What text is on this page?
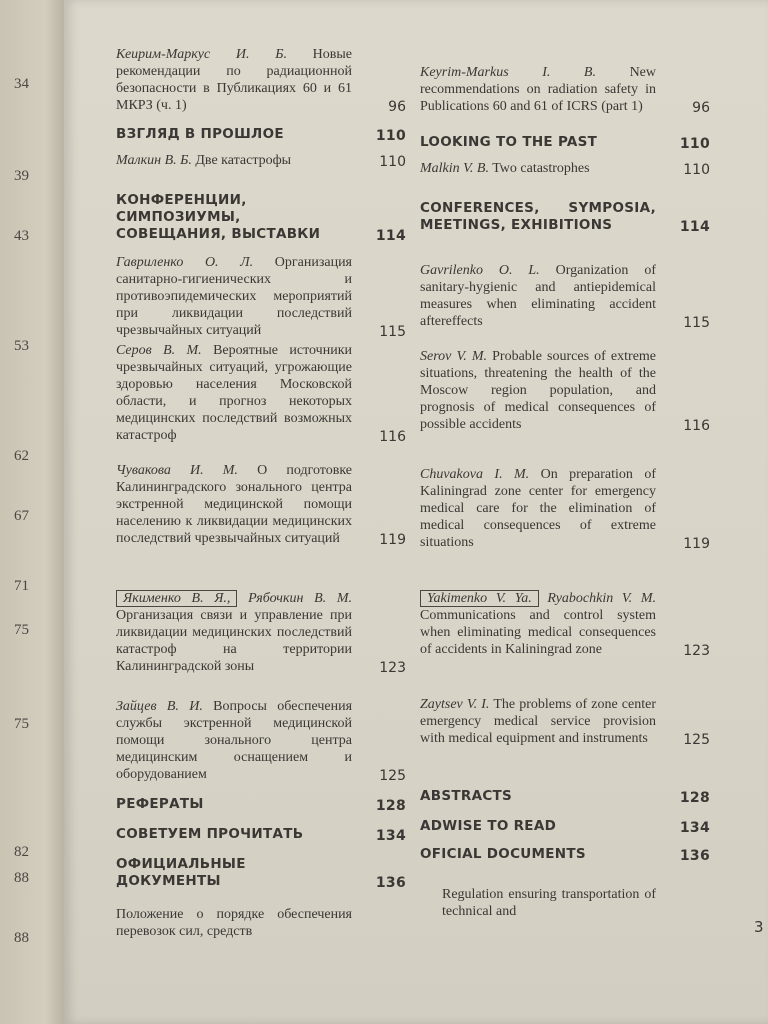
34
39
43
53
62
67
71
75
75
82
88
88
Кеирим-Маркус И. Б. Новые рекомендации по радиационной безопасности в Публикациях 60 и 61 МКРЗ (ч. 1)	96
ВЗГЛЯД В ПРОШЛОЕ	110
Малкин В. Б. Две катастрофы	110
КОНФЕРЕНЦИИ, СИМПОЗИУМЫ, СОВЕЩАНИЯ, ВЫСТАВКИ	114
Гавриленко О. Л. Организация санитарно-гигиенических и противоэпидемических мероприятий при ликвидации последствий чрезвычайных ситуаций	115
Серов В. М. Вероятные источники чрезвычайных ситуаций, угрожающие здоровью населения Московской области, и прогноз некоторых медицинских последствий возможных катастроф	116
Чувакова И. М. О подготовке Калининградского зонального центра экстренной медицинской помощи населению к ликвидации медицинских последствий чрезвычайных ситуаций	119
Якименко В. Я., Рябочкин В. М. Организация связи и управление при ликвидации медицинских последствий катастроф на территории Калининградской зоны	123
Зайцев В. И. Вопросы обеспечения службы экстренной медицинской помощи зонального центра медицинским оснащением и оборудованием	125
РЕФЕРАТЫ	128
СОВЕТУЕМ ПРОЧИТАТЬ	134
ОФИЦИАЛЬНЫЕ ДОКУМЕНТЫ	136
Положение о порядке обеспечения перевозок сил, средств
Keyrim-Markus I. B. New recommendations on radiation safety in Publications 60 and 61 of ICRS (part 1)	96
LOOKING TO THE PAST	110
Malkin V. B. Two catastrophes	110
CONFERENCES, SYMPOSIA, MEETINGS, EXHIBITIONS	114
Gavrilenko O. L. Organization of sanitary-hygienic and antiepidemical measures when eliminating accident aftereffects	115
Serov V. M. Probable sources of extreme situations, threatening the health of the Moscow region population, and prognosis of medical consequences of possible accidents	116
Chuvakova I. M. On preparation of Kaliningrad zone center for emergency medical care for the elimination of medical consequences of extreme situations	119
Yakimenko V. Ya. Ryabochkin V. M. Communications and control system when eliminating medical consequences of accidents in Kaliningrad zone	123
Zaytsev V. I. The problems of zone center emergency medical service provision with medical equipment and instruments	125
ABSTRACTS	128
ADWISE TO READ	134
OFICIAL DOCUMENTS	136
Regulation ensuring transportation of technical and
3
